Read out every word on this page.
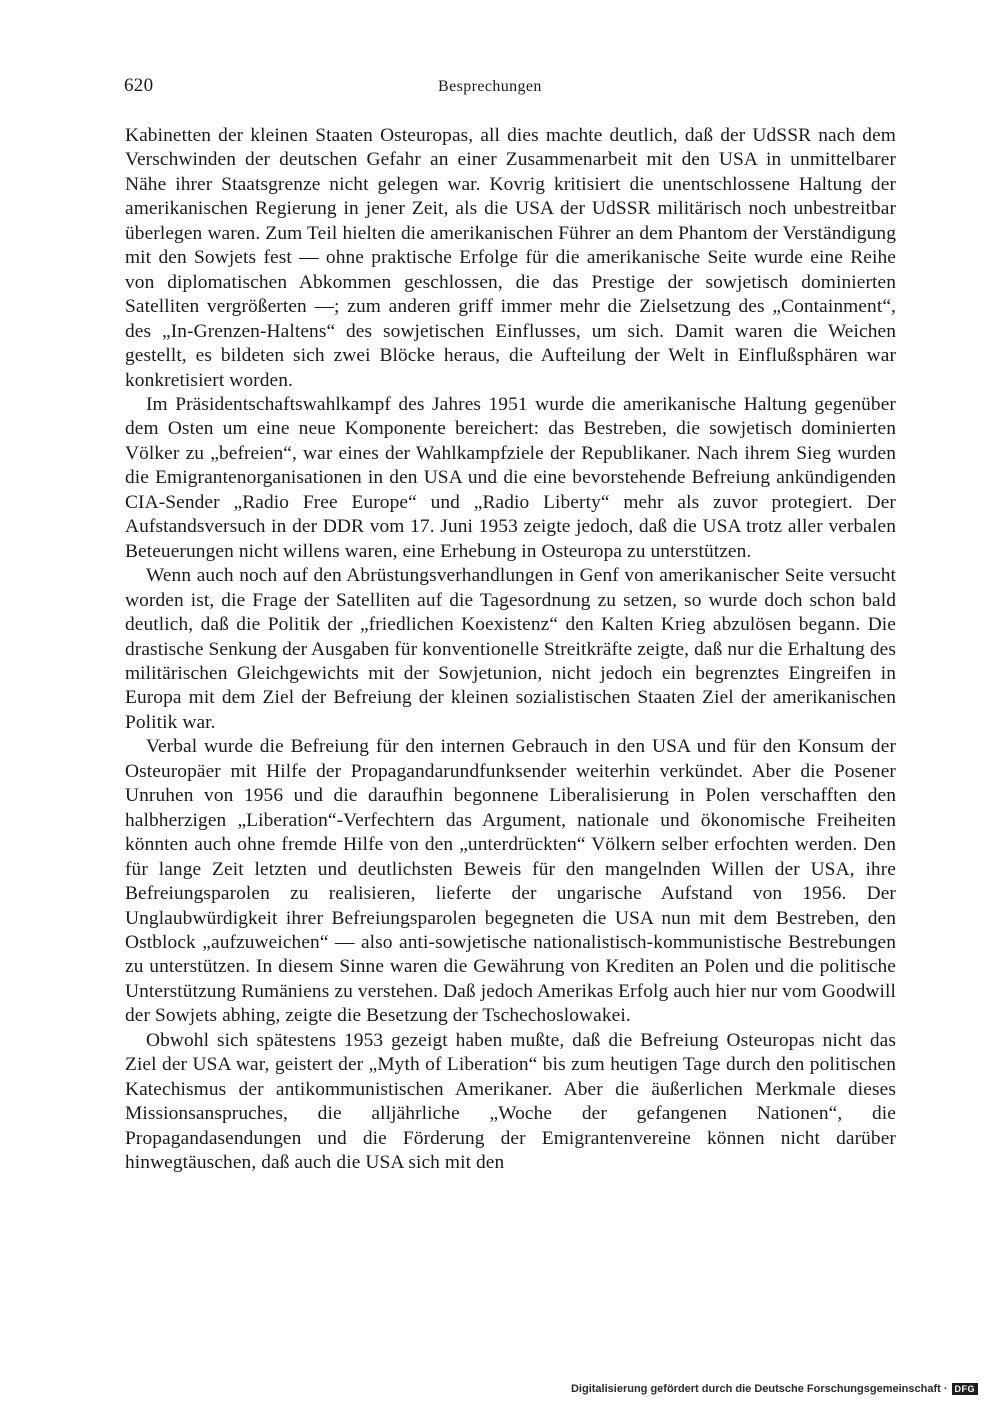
620	Besprechungen

Kabinetten der kleinen Staaten Osteuropas, all dies machte deutlich, daß der UdSSR nach dem Verschwinden der deutschen Gefahr an einer Zusammenarbeit mit den USA in unmittelbarer Nähe ihrer Staatsgrenze nicht gelegen war. Kovrig kritisiert die unentschlossene Haltung der amerikanischen Regierung in jener Zeit, als die USA der UdSSR militärisch noch unbestreitbar überlegen waren. Zum Teil hielten die amerikanischen Führer an dem Phantom der Verständigung mit den Sowjets fest — ohne praktische Erfolge für die amerikanische Seite wurde eine Reihe von diplomatischen Abkommen geschlossen, die das Prestige der sowjetisch dominierten Satelliten vergrößerten —; zum anderen griff immer mehr die Zielsetzung des „Containment“, des „In-Grenzen-Haltens“ des sowjetischen Einflusses, um sich. Damit waren die Weichen gestellt, es bildeten sich zwei Blöcke heraus, die Aufteilung der Welt in Einflußsphären war konkretisiert worden.

Im Präsidentschaftswahlkampf des Jahres 1951 wurde die amerikanische Haltung gegenüber dem Osten um eine neue Komponente bereichert: das Bestreben, die sowjetisch dominierten Völker zu „befreien“, war eines der Wahlkampfziele der Republikaner. Nach ihrem Sieg wurden die Emigrantenorganisationen in den USA und die eine bevorstehende Befreiung ankündigenden CIA-Sender „Radio Free Europe“ und „Radio Liberty“ mehr als zuvor protegiert. Der Aufstandsversuch in der DDR vom 17. Juni 1953 zeigte jedoch, daß die USA trotz aller verbalen Beteuerungen nicht willens waren, eine Erhebung in Osteuropa zu unterstützen.

Wenn auch noch auf den Abrüstungsverhandlungen in Genf von amerikanischer Seite versucht worden ist, die Frage der Satelliten auf die Tagesordnung zu setzen, so wurde doch schon bald deutlich, daß die Politik der „friedlichen Koexistenz“ den Kalten Krieg abzulösen begann. Die drastische Senkung der Ausgaben für konventionelle Streitkräfte zeigte, daß nur die Erhaltung des militärischen Gleichgewichts mit der Sowjetunion, nicht jedoch ein begrenztes Eingreifen in Europa mit dem Ziel der Befreiung der kleinen sozialistischen Staaten Ziel der amerikanischen Politik war.

Verbal wurde die Befreiung für den internen Gebrauch in den USA und für den Konsum der Osteuropäer mit Hilfe der Propagandarundfunksender weiterhin verkündet. Aber die Posener Unruhen von 1956 und die daraufhin begonnene Liberalisierung in Polen verschafften den halbherzigen „Liberation“-Verfechtern das Argument, nationale und ökonomische Freiheiten könnten auch ohne fremde Hilfe von den „unterdrückten“ Völkern selber erfochten werden. Den für lange Zeit letzten und deutlichsten Beweis für den mangelnden Willen der USA, ihre Befreiungsparolen zu realisieren, lieferte der ungarische Aufstand von 1956. Der Unglaubwürdigkeit ihrer Befreiungsparolen begegneten die USA nun mit dem Bestreben, den Ostblock „aufzuweichen“ — also anti-sowjetische nationalistisch-kommunistische Bestrebungen zu unterstützen. In diesem Sinne waren die Gewährung von Krediten an Polen und die politische Unterstützung Rumäniens zu verstehen. Daß jedoch Amerikas Erfolg auch hier nur vom Goodwill der Sowjets abhing, zeigte die Besetzung der Tschechoslowakei.

Obwohl sich spätestens 1953 gezeigt haben mußte, daß die Befreiung Osteuropas nicht das Ziel der USA war, geistert der „Myth of Liberation“ bis zum heutigen Tage durch den politischen Katechismus der antikommunistischen Amerikaner. Aber die äußerlichen Merkmale dieses Missionsanspruches, die alljährliche „Woche der gefangenen Nationen“, die Propagandasendungen und die Förderung der Emigrantenvereine können nicht darüber hinwegtäuschen, daß auch die USA sich mit den

Digitalisierung gefördert durch die Deutsche Forschungsgemeinschaft · DFG
